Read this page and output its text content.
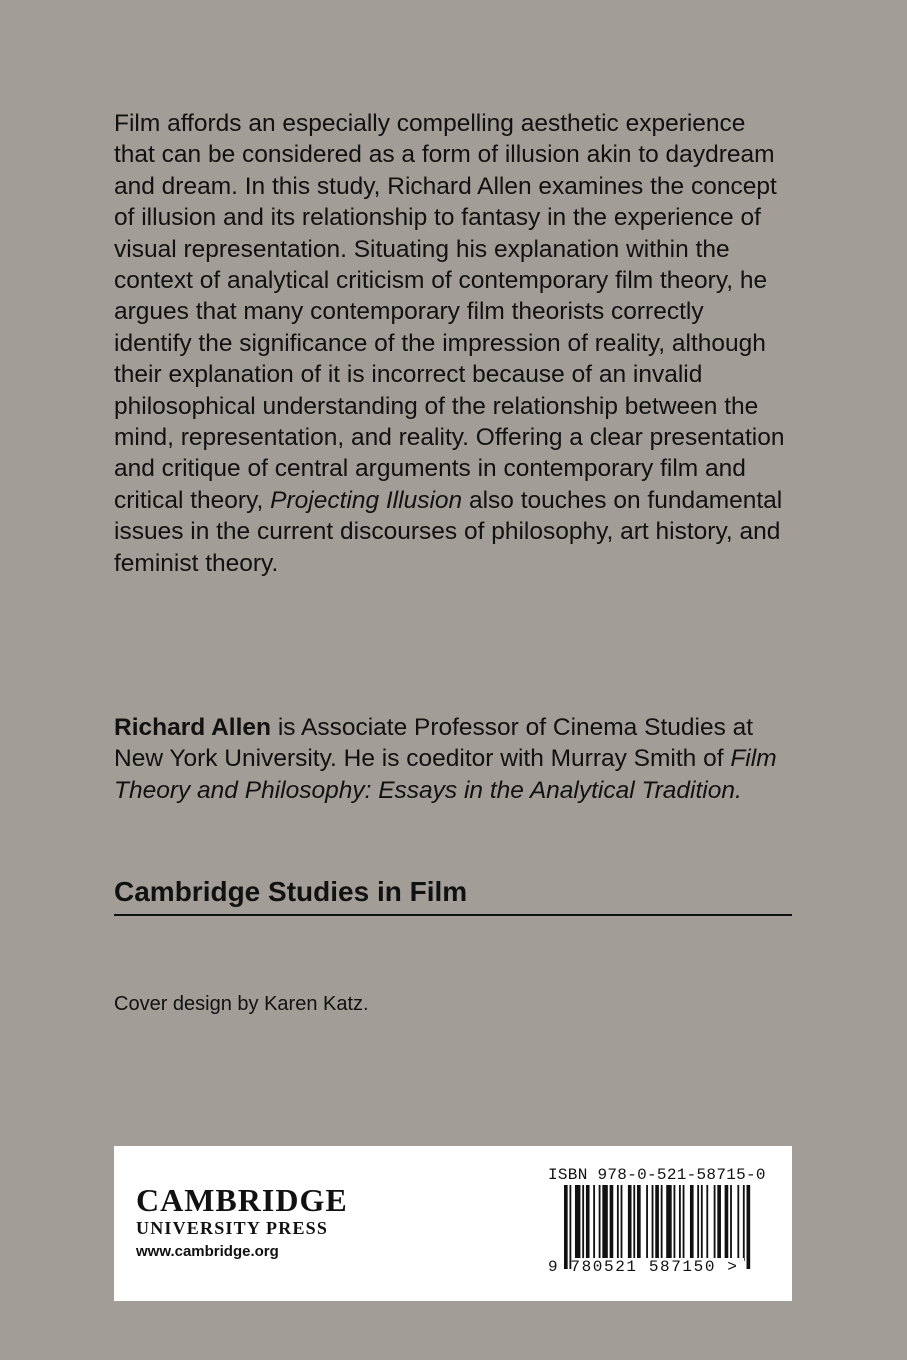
Film affords an especially compelling aesthetic experience that can be considered as a form of illusion akin to daydream and dream. In this study, Richard Allen examines the concept of illusion and its relationship to fantasy in the experience of visual representation. Situating his explanation within the context of analytical criticism of contemporary film theory, he argues that many contemporary film theorists correctly identify the significance of the impression of reality, although their explanation of it is incorrect because of an invalid philosophical understanding of the relationship between the mind, representation, and reality. Offering a clear presentation and critique of central arguments in contemporary film and critical theory, Projecting Illusion also touches on fundamental issues in the current discourses of philosophy, art history, and feminist theory.

Richard Allen is Associate Professor of Cinema Studies at New York University. He is coeditor with Murray Smith of Film Theory and Philosophy: Essays in the Analytical Tradition.

Cambridge Studies in Film

Cover design by Karen Katz.

CAMBRIDGE

UNIVERSITY PRESS

www.cambridge.org

ISBN 978-0-521-58715-0

9 780521 587150 >
